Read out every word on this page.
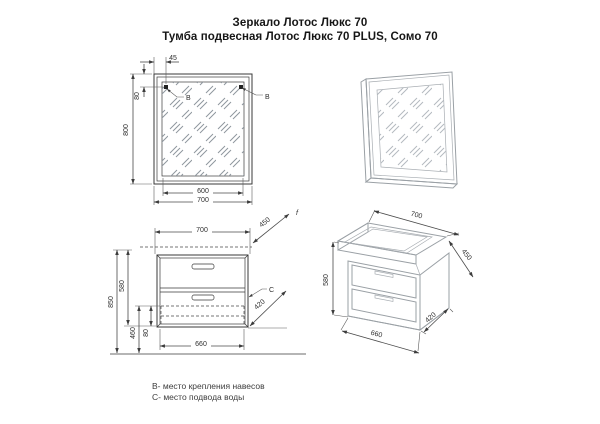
Зеркало Лотос Люкс 70
Тумба подвесная Лотос Люкс 70 PLUS, Сомо 70
В	В
45
80
800
600
700
700
450
f
850
580
460 80
660
420
С
700
450
580
660
420
В- место крепления навесов
С- место подвода воды
